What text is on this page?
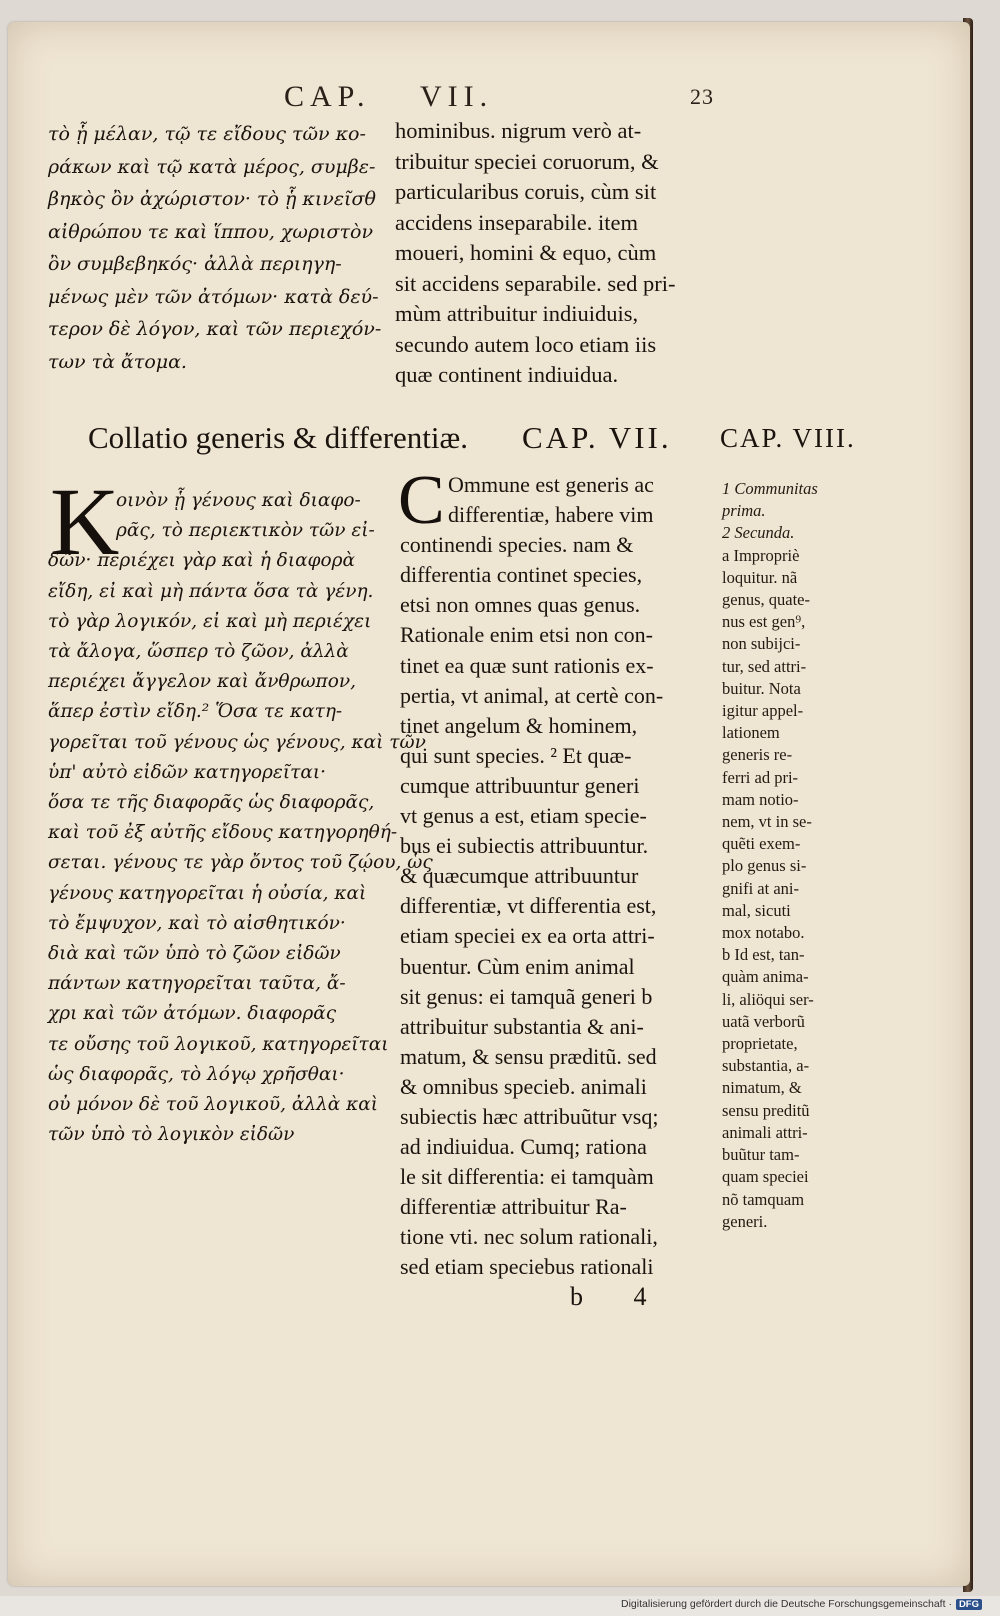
CAP. VII.	23
τὸ ᾗ μέλαν, τῷ τε εἴδους τῶν κο-
ράκων καὶ τῷ κατὰ μέρος, συμβε-
βηκὸς ὂν ἀχώριστον· τὸ ᾗ κινεῖσθ
αἰθρώπου τε καὶ ἵππου, χωριστὸν
ὂν συμβεβηκός· ἀλλὰ περιηγη-
μένως μὲν τῶν ἀτόμων· κατὰ δεύ-
τερον δὲ λόγον, καὶ τῶν περιεχόν-
των τὰ ἄτομα.
hominibus. nigrum verò at-
tribuitur speciei coruorum, &
particularibus coruis, cùm sit
accidens inseparabile. item
moueri, homini & equo, cùm
sit accidens separabile. sed pri-
mùm attribuitur indiuiduis,
secundo autem loco etiam iis
quæ continent indiuidua.
Collatio generis & differentiæ. CAP. VII. CAP. VIII.
K
οινὸν ᾗ γένους καὶ διαφο-
ρᾶς, τὸ περιεκτικὸν τῶν εἰ-
δῶν· περιέχει γὰρ καὶ ἡ διαφορὰ
εἴδη, εἰ καὶ μὴ πάντα ὅσα τὰ γένη.
τὸ γὰρ λογικόν, εἰ καὶ μὴ περιέχει
τὰ ἄλογα, ὥσπερ τὸ ζῶον, ἀλλὰ
περιέχει ἄγγελον καὶ ἄνθρωπον,
ἅπερ ἐστὶν εἴδη.² Ὅσα τε κατη-
γορεῖται τοῦ γένους ὡς γένους, καὶ τῶν
ὑπ' αὐτὸ εἰδῶν κατηγορεῖται·
ὅσα τε τῆς διαφορᾶς ὡς διαφορᾶς,
καὶ τοῦ ἐξ αὐτῆς εἴδους κατηγορηθή-
σεται. γένους τε γὰρ ὄντος τοῦ ζῴου, ὡς
γένους κατηγορεῖται ἡ οὐσία, καὶ
τὸ ἔμψυχον, καὶ τὸ αἰσθητικόν·
διὰ καὶ τῶν ὑπὸ τὸ ζῶον εἰδῶν
πάντων κατηγορεῖται ταῦτα, ἄ-
χρι καὶ τῶν ἀτόμων. διαφορᾶς
τε οὔσης τοῦ λογικοῦ, κατηγορεῖται
ὡς διαφορᾶς, τὸ λόγῳ χρῆσθαι·
οὐ μόνον δὲ τοῦ λογικοῦ, ἀλλὰ καὶ
τῶν ὑπὸ τὸ λογικὸν εἰδῶν
C Ommune est generis ac
differentiæ, habere vim
continendi species. nam &
differentia continet species,
etsi non omnes quas genus.
Rationale enim etsi non con-
tinet ea quæ sunt rationis ex-
pertia, vt animal, at certè con-
tinet angelum & hominem,
qui sunt species. ² Et quæ-
cumque attribuuntur generi
vt genus a est, etiam specie-
bus ei subiectis attribuuntur.
& quæcumque attribuuntur
differentiæ, vt differentia est,
etiam speciei ex ea orta attri-
buentur. Cùm enim animal
sit genus: ei tamquã generi b
attribuitur substantia & ani-
matum, & sensu præditũ. sed
& omnibus specieb. animali
subiectis hæc attribuũtur vsq;
ad indiuidua. Cumq; rationa
le sit differentia: ei tamquàm
differentiæ attribuitur Ra-
tione vti. nec solum rationali,
sed etiam speciebus rationali
1 Communitas
prima.
2 Secunda.
a Impropriè
loquitur. nã
genus, quate-
nus est gen⁹,
non subijci-
tur, sed attri-
buitur. Nota
igitur appel-
lationem
generis re-
ferri ad pri-
mam notio-
nem, vt in se-
quẽti exem-
plo genus si-
gnifi at ani-
mal, sicuti
mox notabo.
b Id est, tan-
quàm anima-
li, aliöqui ser-
uatã verborũ
proprietate,
substantia, a-
nimatum, &
sensu preditũ
animali attri-
buũtur tam-
quam speciei
nõ tamquam
generi.
b 4
Digitalisierung gefördert durch die Deutsche Forschungsgemeinschaft · DFG
